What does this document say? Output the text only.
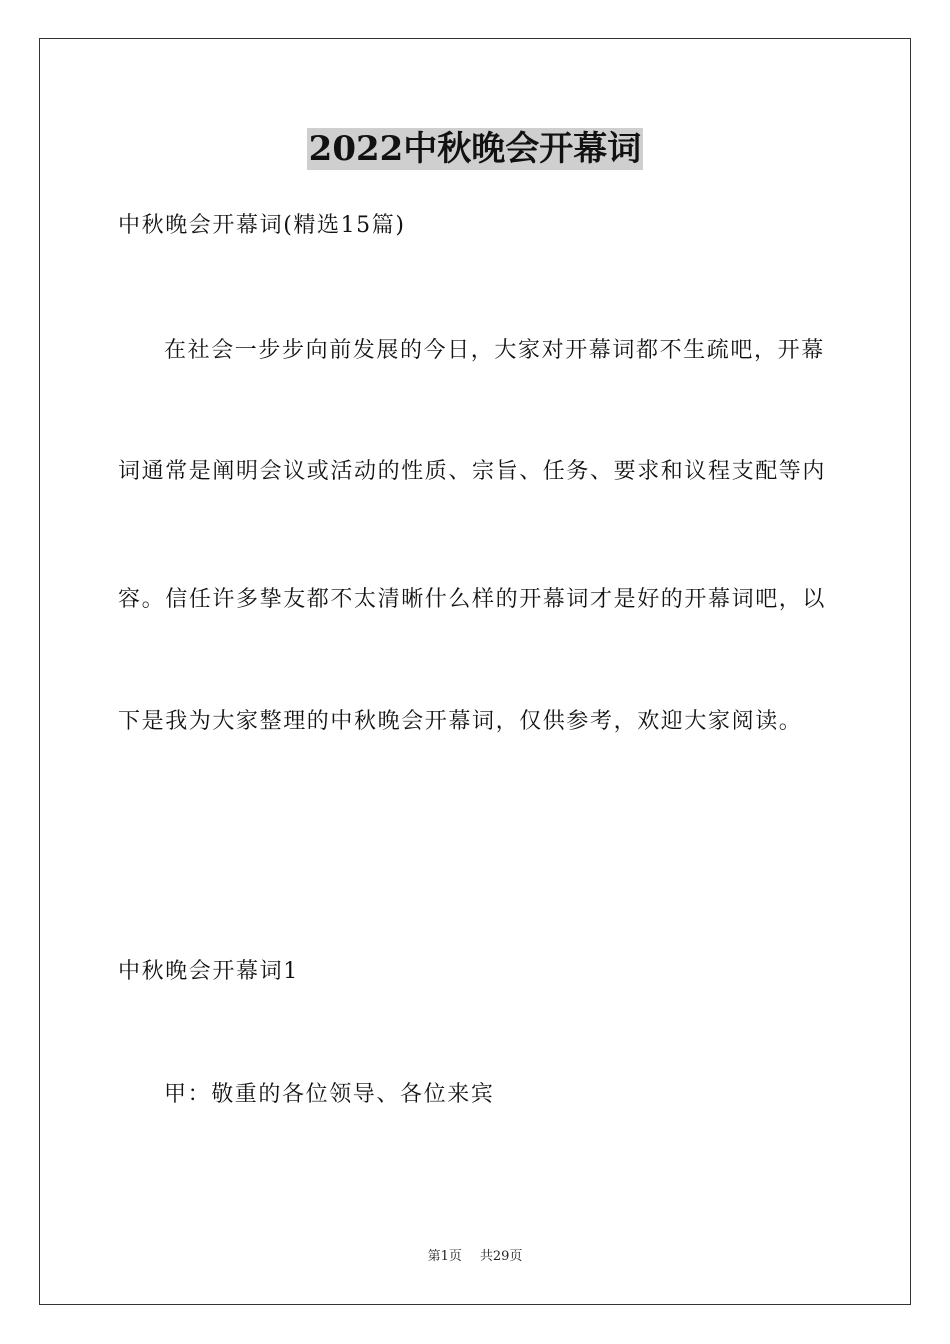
2022中秋晚会开幕词
中秋晚会开幕词(精选15篇)
在社会一步步向前发展的今日，大家对开幕词都不生疏吧，开幕
词通常是阐明会议或活动的性质、宗旨、任务、要求和议程支配等内
容。信任许多挚友都不太清晰什么样的开幕词才是好的开幕词吧，以
下是我为大家整理的中秋晚会开幕词，仅供参考，欢迎大家阅读。
中秋晚会开幕词1
甲：敬重的各位领导、各位来宾
第1页 共29页
